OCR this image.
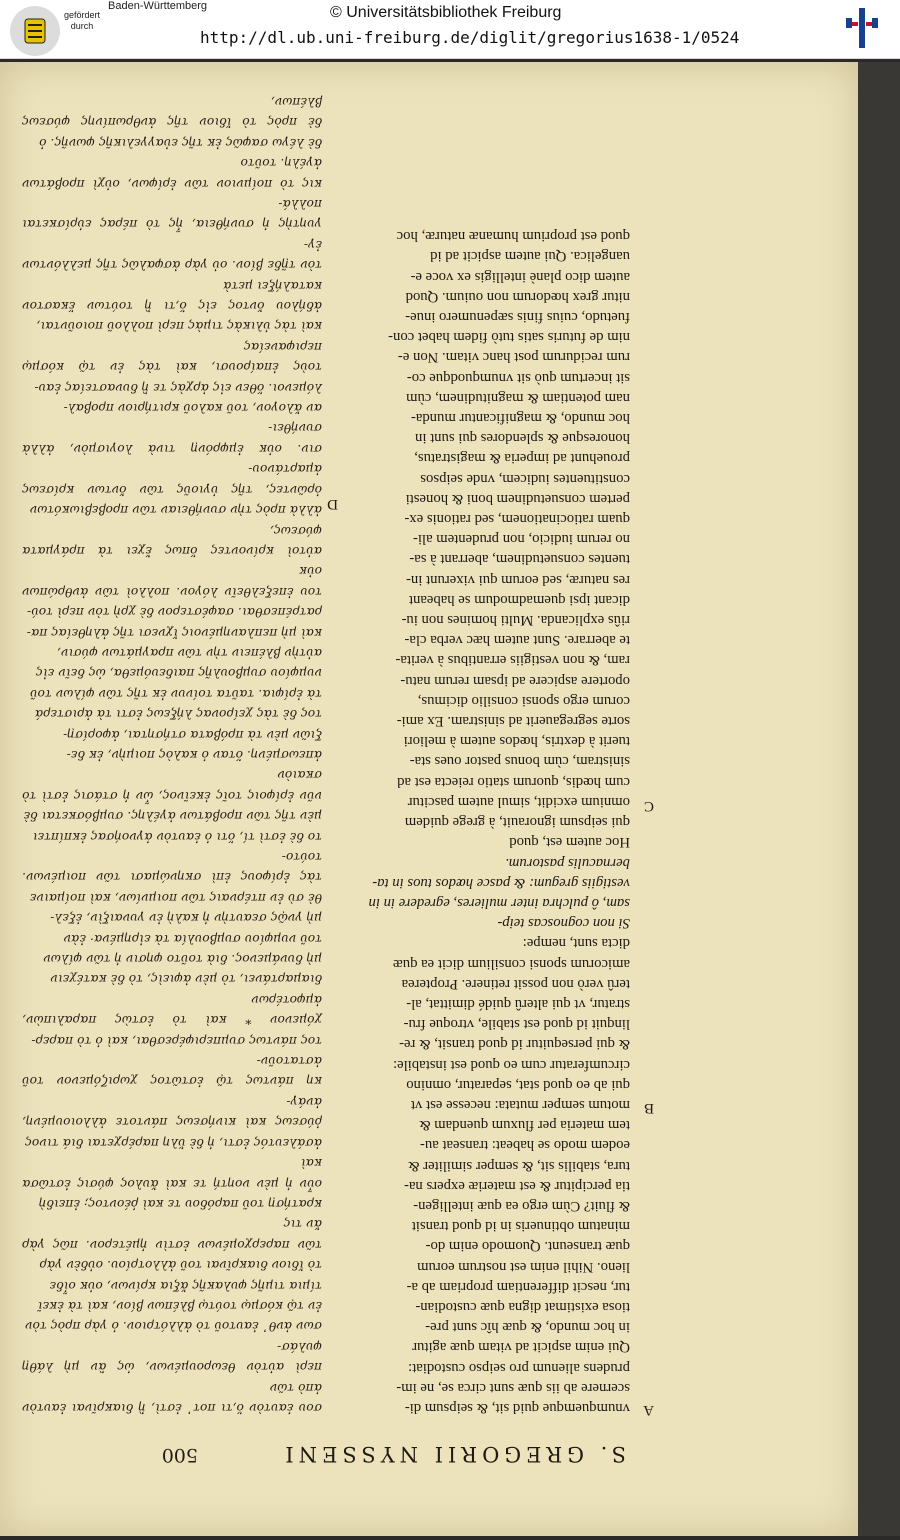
gefördert durch
Baden-Württemberg
http://dl.ub.uni-freiburg.de/diglit/gregorius1638-1/0524
© Universitätsbibliothek Freiburg
500	S. GREGORII NYSSENI
vnumquemque quid sit, & seipsum di-
scernere ab iis quæ sunt circa se, ne im-
prudens alienum pro seipso custodiat:
Qui enim aspicit ad vitam quæ agitur
in hoc mundo, & quæ hîc sunt pre-
tiosa existimat digna quæ custodian-
tur, nescit differentiam propriam ab a-
lieno. Nihil enim est nostrum eorum
quæ transeunt. Quomodo enim do-
minatum obtinueris in id quod transit
& fluit? Cùm ergo ea quæ intelligen-
tia percipitur & est materiæ expers na-
tura, stabilis sit, & semper similiter &
eodem modo se habeat: transeat au-
tem materia per fluxum quendam &
motum semper mutata: necesse est vt
qui ab eo quod stat, separatur, omnino
circumferatur cum eo quod est instabile:
& qui persequitur id quod transit, & re-
linquit id quod est stabile, vtroque fru-
stratur, vt qui alterû quidé dimittat, al-
terû verò non possit retinere. Propterea
amicorum sponsi consilium dicit ea quæ
dicta sunt, nempe:
Si non cognoscas teip-
sam, ô pulchra inter mulieres, egredere in in
vestigiis gregum: & pasce hœdos tuos in ta-
bernaculis pastorum.
Hoc autem est, quod
qui seipsum ignorauit, à grege quidem
omnium excidit, simul autem pascitur
cum hœdis, quorum statio reiecta est ad
sinistram, cùm bonus pastor oues sta-
tuerit à dextris, hœdos autem à meliori
sorte segregauerit ad sinistram. Ex ami-
corum ergo sponsi consilio dicimus,
oportere aspicere ad ipsam rerum natu-
ram, & non vestigiis errantibus à verita-
te aberrare. Sunt autem hæc verba cla-
riûs explicanda. Multi homines non iu-
dicant ipsi quemadmodum se habeant
res naturæ, sed eorum qui vixerunt in-
tuentes consuetudinem, aberrant à sa-
no rerum iudicio, non prudentem ali-
quam ratiocinationem, sed rationis ex-
pertem consuetudinem boni & honesti
constituentes iudicem, vnde seipsos
prouehunt ad imperia & magistratus,
honoresque & splendores qui sunt in
hoc mundo, & magnificantur munda-
nam potentiam & magnitudinem, cùm
sit incertum quò sit vnumquodque co-
rum recidurum post hanc vitam. Non e-
nim de futuris satis tutò fidem habet con-
fuetudo, cuius finis sæpenumero inue-
nitur grex hœdorum non ouium. Quod
autem dico planè intelligis ex voce e-
uangelica. Qui autem aspicit ad id
quod est proprium humanæ naturæ, hoc
A
B
C
D
σου ἑαυτὸν ὅ,τι ποτ᾽ ἐστὶ, ἢ διακρῖναι ἑαυτὸν ἀπὸ τῶν
περὶ αὐτὸν θεωρουμένων, ὡς ἂν μὴ λάθῃ φυλάσ-
σων ἀνθ᾽ ἑαυτοῦ τὸ ἀλλότριον. ὁ γὰρ πρὸς τὸν
ἐν τῷ κόσμῳ τούτῳ βλέπων βίον, καὶ τὰ ἐκεῖ
τίμια τιμῆς φυλακῆς ἄξια κρίνων, οὐκ οἶδε
τὸ ἴδιον διακρῖναι τοῦ ἀλλοτρίου. οὐδὲν γὰρ
τῶν παρερχομένων ἐστὶν ἡμέτερον. πῶς γὰρ ἄν τις
κρατήσῃ τοῦ παρόδου τε καὶ ῥέοντος; ἐπειδὴ
οὖν ἡ μὲν νοητή τε καὶ ἄυλος φύσις ἑστῶσα καὶ
ἀσάλευτός ἐστι, ἡ δὲ ὕλη παρέρχεται διά τινος
ῥύσεως καὶ κινήσεως πάντοτε ἀλλοιουμένη, ἀνάγ-
κη πάντως τῷ ἑστῶτος χωριζόμενον τοῦ ἀστατοῦν-
τος πάντως συμπεριφέρεσθαι, καὶ ὁ τὸ παρερ-
χόμενον * καὶ τὸ ἑστὼς παραλιπὼν, ἀμφοτέρων
διαμαρτάνει, τὸ μὲν ἀφιεὶς, τὸ δὲ κατέχειν
μὴ δυνάμενος. διὰ τοῦτο φησιν ἡ τῶν φίλων
τοῦ νυμφίου συμβουλία τὰ εἰρημένα· ἐὰν
μὴ γνῷς σεαυτὴν ἡ καλὴ ἐν γυναιξὶν, ἐξελ-
θὲ σὺ ἐν πτέρναις τῶν ποιμνίων, καὶ ποίμαινε
τὰς ἐρίφους ἐπὶ σκηνώμασι τῶν ποιμένων. τούτο-
το δὲ ἐστὶ τί, ὅτι ὁ ἑαυτὸν ἀγνοήσας ἐκπίπτει
μὲν τῆς τῶν προβάτων ἀγέλης. συμβόσκεται δὲ
νῦν ἐρίφοις τοῖς ἐκεῖνος, ὧν ἡ στάσις ἐστὶ τὸ σκαιὸν
ἀπεωσμένη. ὅταν ὁ καλὸς ποιμὴν, ἐκ δε-
ξιῶν μὲν τὰ πρόβατα στήσηται, ἀφορίσῃ-
τος δὲ τὰς χείρονας λήξεως ἐστι τὰ ἀριστερά
τὰ ἐρίφια. ταῦτα τοίνυν ἐκ τῆς τῶν φίλων τοῦ
νυμφίου συμβουλῆς παιδευόμεθα, ὡς δεῖν εἰς
αὐτὴν βλέπειν τὴν τῶν πραγμάτων φύσιν,
καὶ μὴ πεπλανημένοις ἴχνεσι τῆς ἀληθείας πα-
ρατρέπεσθαι. σαφέστερον δὲ χρὴ τὸν περὶ τού-
του ἐπεξελθεῖν λόγον. πολλοὶ τῶν ἀνθρώπων οὐκ
αὐτοὶ κρίνοντες ὅπως ἔχει τὰ πράγματα φύσεως,
ἀλλὰ πρὸς τὴν συνήθειαν τῶν προβεβιωκότων
ὁρῶντες, τῆς ὑγιοῦς τῶν ὄντων κρίσεως ἀμαρτάνου-
σιν. οὐκ ἐμφρόνῃ τινὰ λογισμὸν, ἀλλὰ συνήθει-
αν ἄλογον, τοῦ καλοῦ κριτήριον προβαλ-
λόμενοι. ὅθεν εἰς ἀρχὰς τε ἢ δυναστείας ἑαυ-
τοὺς ἐπαίρουσι, καὶ τὰς ἐν τῷ κόσμῳ περιφανείας
καὶ τὰς ὑλικὰς τιμὰς περὶ πολλοῦ ποιοῦνται,
ἀδήλου ὄντος εἰς ὅ,τι ἢ τούτων ἕκαστον καταλήξει μετὰ
τὸν τῇδε βίον. οὐ γὰρ ἀσφαλῶς τῆς μελλόντων ἐγ-
γυητὴς ἡ συνήθεια, ἧς τὸ πέρας εὑρίσκεται πολλά-
κις τὸ ποίμνιον τῶν ἐρίφων, οὐχὶ προβάτων ἀγέλη. τοῦτο
δὲ λέγω σαφῶς ἐκ τῆς εὐαγγελικῆς φωνῆς. ὁ
δὲ πρὸς τὸ ἴδιον τῆς ἀνθρωπίνης φύσεως βλέπων,
